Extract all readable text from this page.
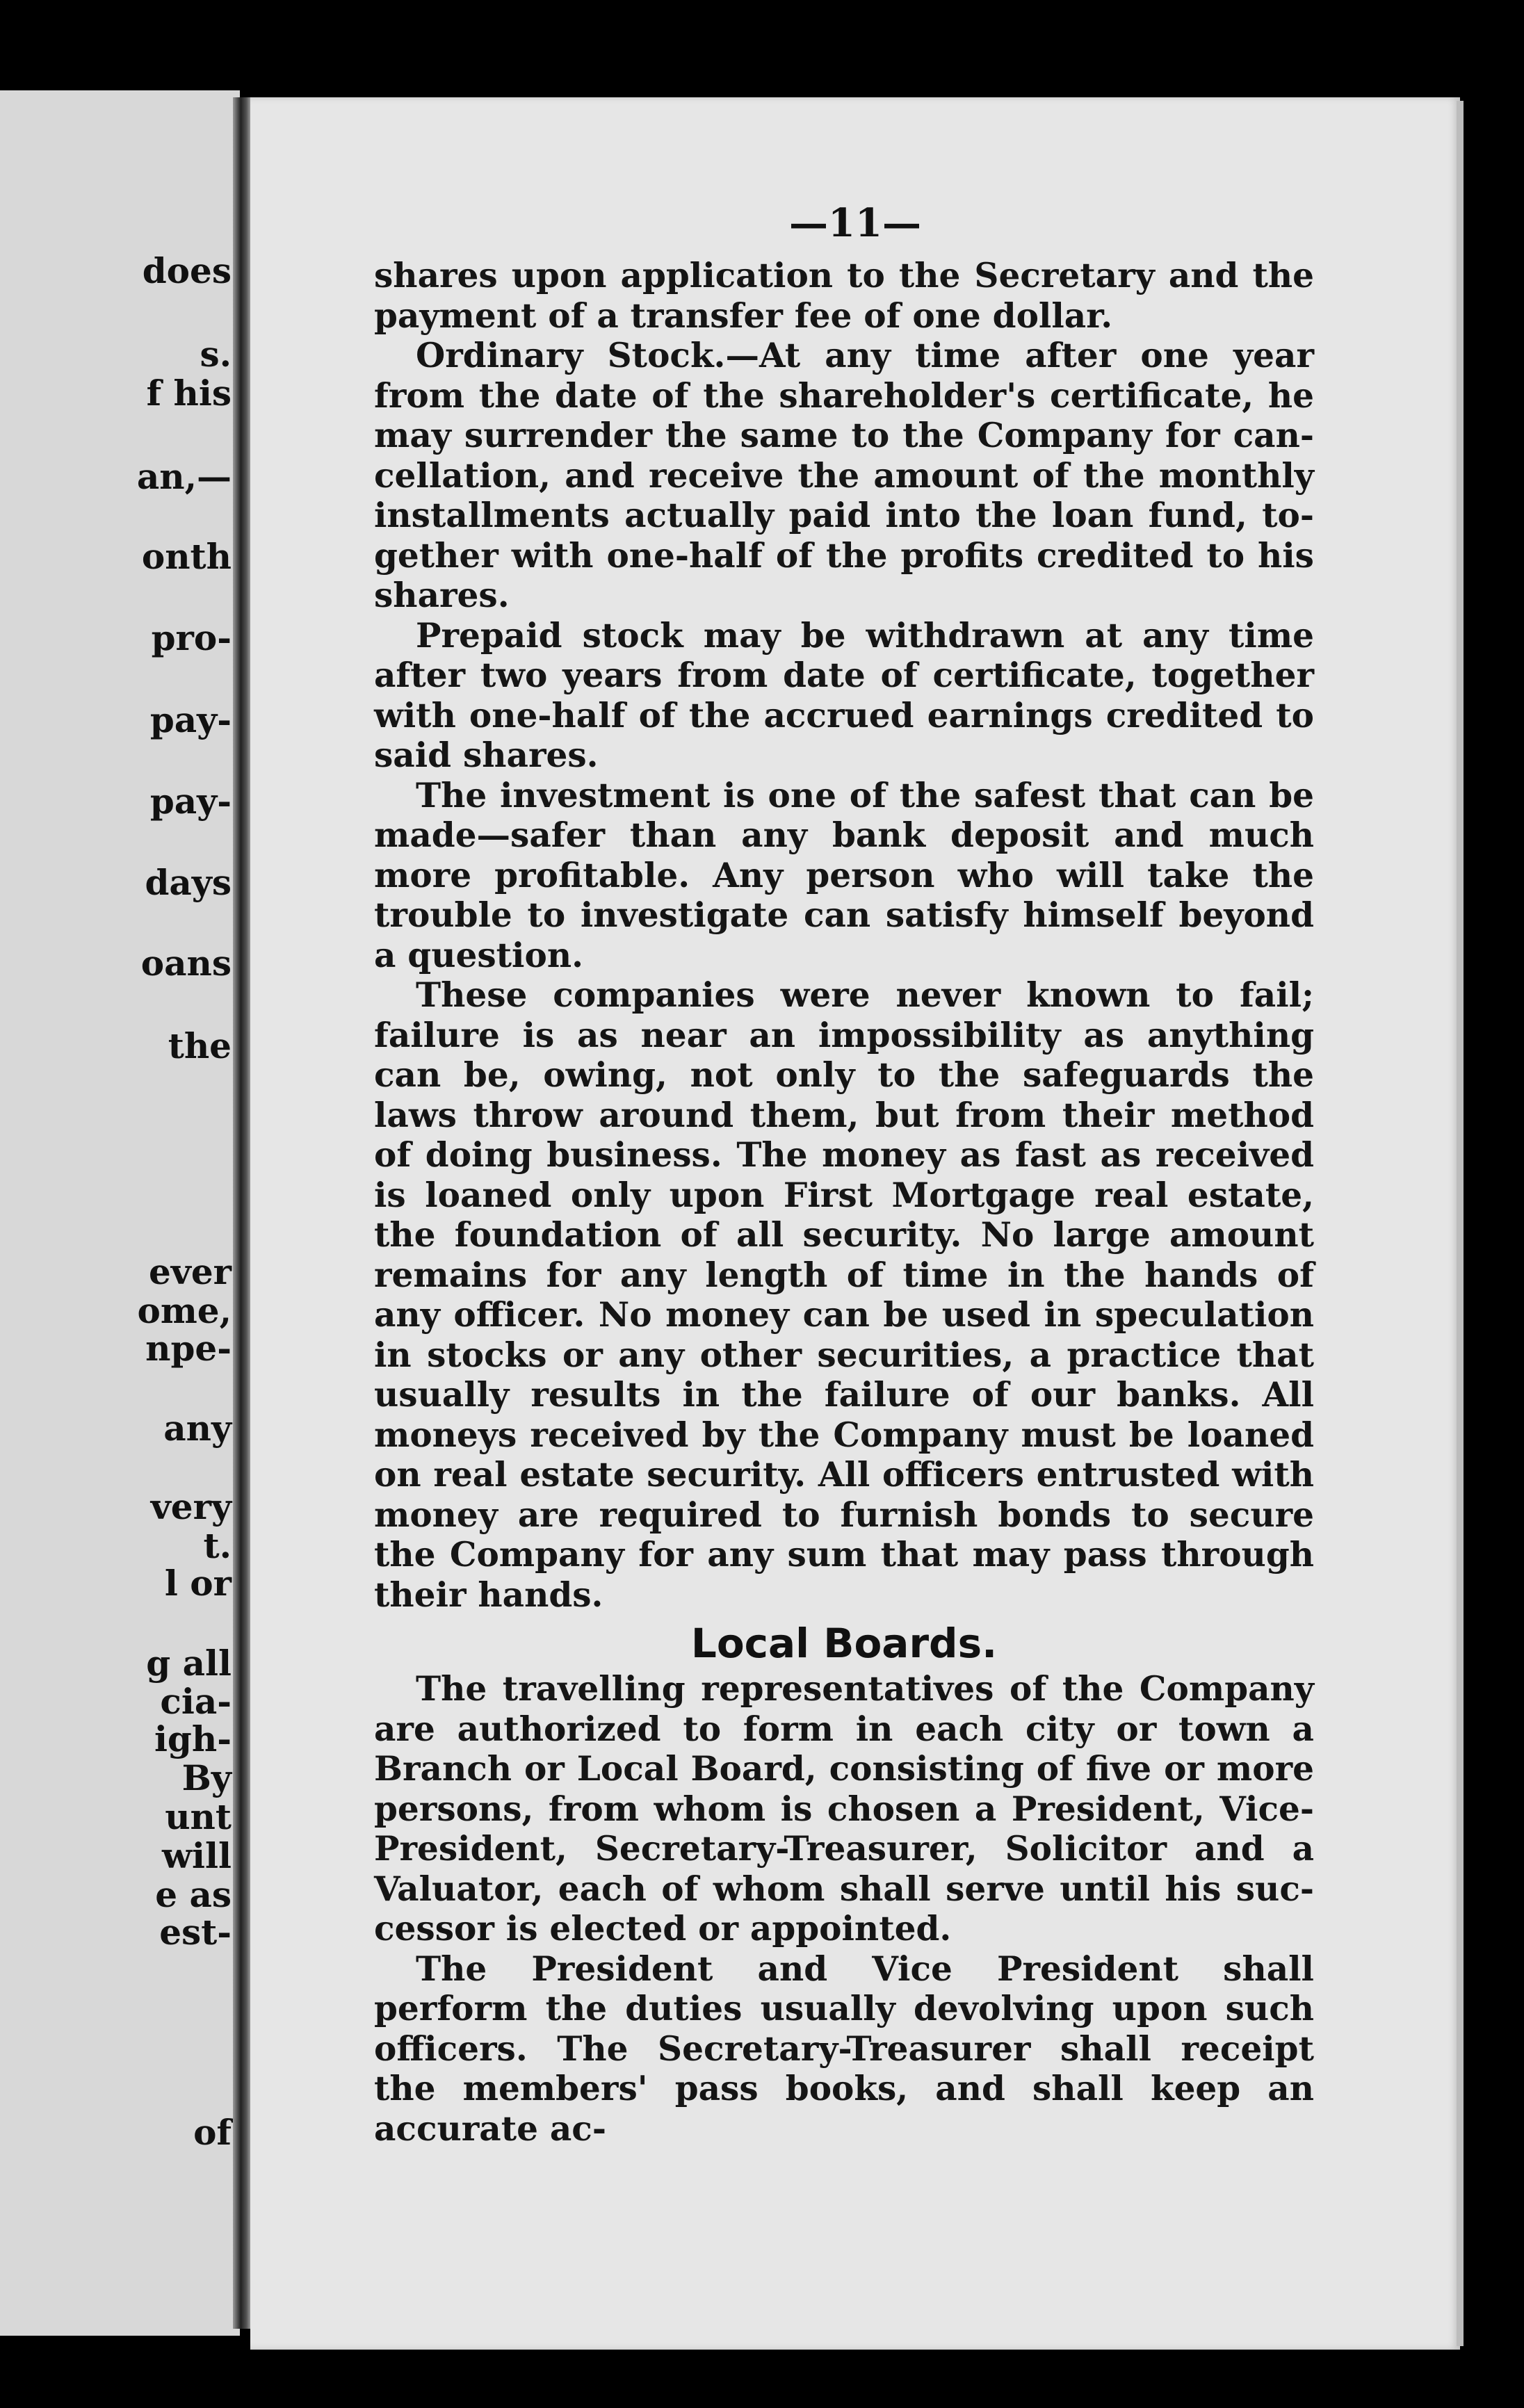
does
s.
f his
an,—
onth
pro-
pay-
pay-
days
oans
the
ever
ome,
npe-
any
very
t.
l or
g all
cia-
igh-
By
unt
will
e as
est-
of
—11—

shares upon application to the Secretary and the payment of a transfer fee of one dollar.

Ordinary Stock.—At any time after one year from the date of the shareholder's certificate, he may surrender the same to the Company for cancellation, and receive the amount of the monthly installments actually paid into the loan fund, together with one-half of the profits credited to his shares.

Prepaid stock may be withdrawn at any time after two years from date of certificate, together with one-half of the accrued earnings credited to said shares.

The investment is one of the safest that can be made—safer than any bank deposit and much more profitable. Any person who will take the trouble to investigate can satisfy himself beyond a question.

These companies were never known to fail; failure is as near an impossibility as anything can be, owing, not only to the safeguards the laws throw around them, but from their method of doing business. The money as fast as received is loaned only upon First Mortgage real estate, the foundation of all security. No large amount remains for any length of time in the hands of any officer. No money can be used in speculation in stocks or any other securities, a practice that usually results in the failure of our banks. All moneys received by the Company must be loaned on real estate security. All officers entrusted with money are required to furnish bonds to secure the Company for any sum that may pass through their hands.

Local Boards.

The travelling representatives of the Company are authorized to form in each city or town a Branch or Local Board, consisting of five or more persons, from whom is chosen a President, Vice-President, Secretary-Treasurer, Solicitor and a Valuator, each of whom shall serve until his successor is elected or appointed.

The President and Vice President shall perform the duties usually devolving upon such officers. The Secretary-Treasurer shall receipt the members' pass books, and shall keep an accurate ac-
